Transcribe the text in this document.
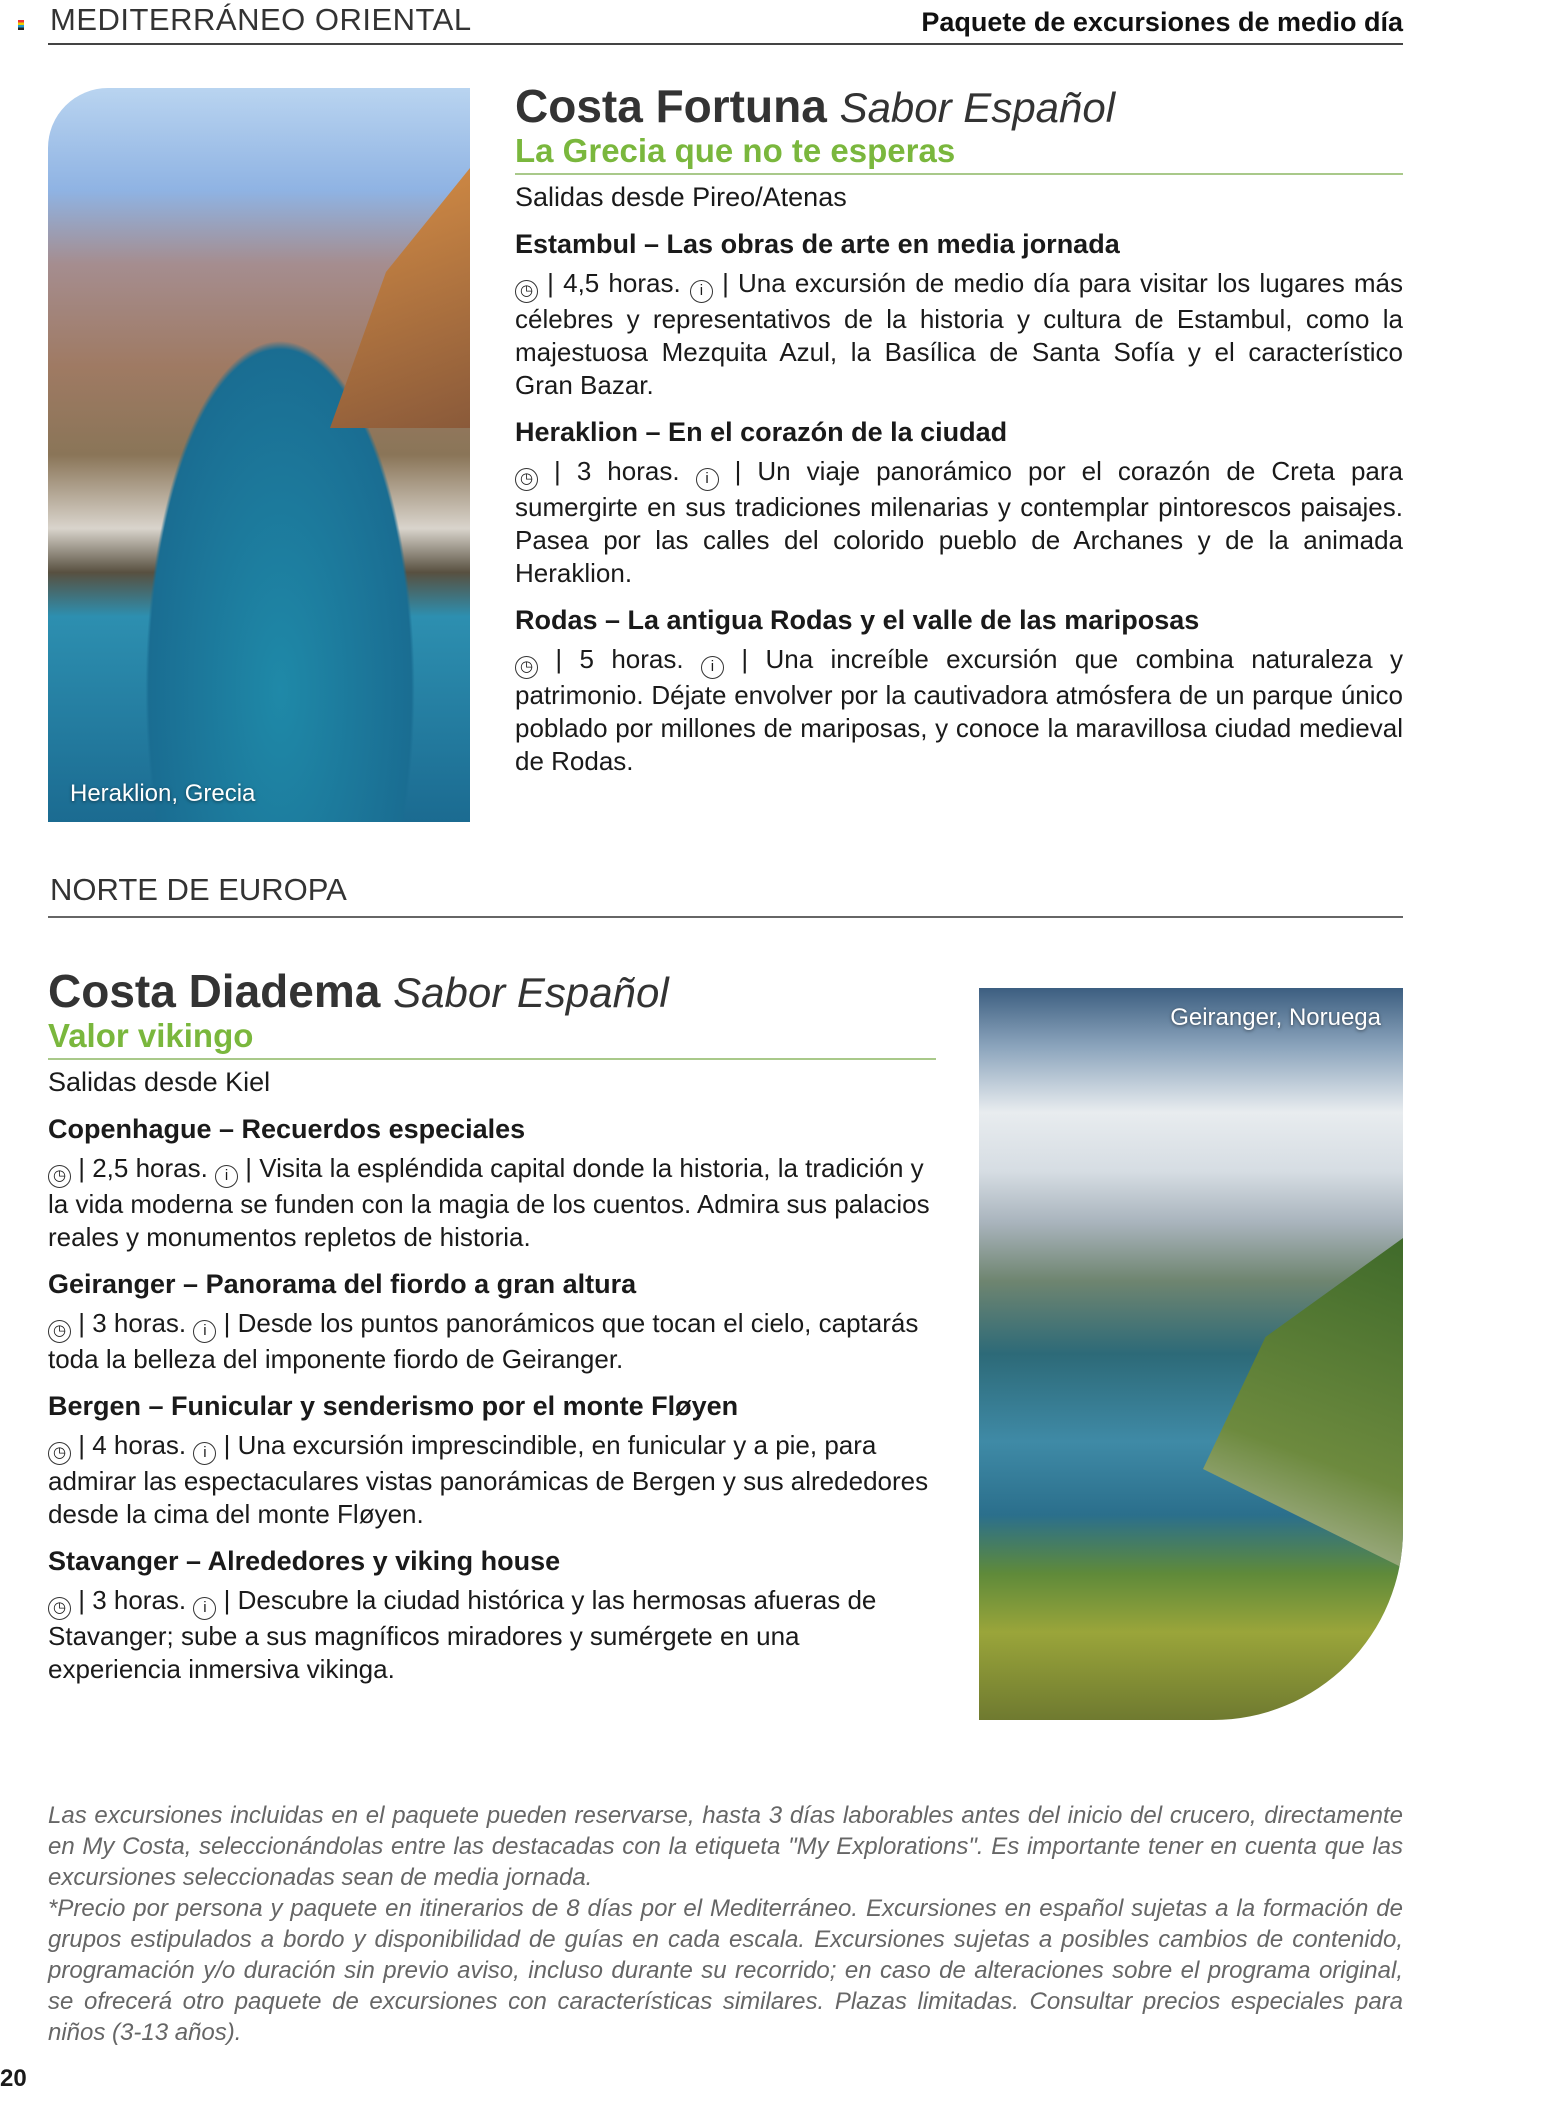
MEDITERRÁNEO ORIENTAL	Paquete de excursiones de medio día
Heraklion, Grecia
Costa Fortuna Sabor Español
La Grecia que no te esperas
Salidas desde Pireo/Atenas
Estambul – Las obras de arte en media jornada

◷ | 4,5 horas. i | Una excursión de medio día para visitar los lugares más célebres y representativos de la historia y cultura de Estambul, como la majestuosa Mezquita Azul, la Basílica de Santa Sofía y el característico Gran Bazar.

Heraklion – En el corazón de la ciudad

◷ | 3 horas. i | Un viaje panorámico por el corazón de Creta para sumergirte en sus tradiciones milenarias y contemplar pintorescos paisajes. Pasea por las calles del colorido pueblo de Archanes y de la animada Heraklion.

Rodas – La antigua Rodas y el valle de las mariposas

◷ | 5 horas. i | Una increíble excursión que combina naturaleza y patrimonio. Déjate envolver por la cautivadora atmósfera de un parque único poblado por millones de mariposas, y conoce la maravillosa ciudad medieval de Rodas.

NORTE DE EUROPA
Costa Diadema Sabor Español
Valor vikingo
Salidas desde Kiel
Copenhague – Recuerdos especiales

◷ | 2,5 horas. i | Visita la espléndida capital donde la historia, la tradición y la vida moderna se funden con la magia de los cuentos. Admira sus palacios reales y monumentos repletos de historia.

Geiranger – Panorama del fiordo a gran altura

◷ | 3 horas. i | Desde los puntos panorámicos que tocan el cielo, captarás toda la belleza del imponente fiordo de Geiranger.

Bergen – Funicular y senderismo por el monte Fløyen

◷ | 4 horas. i | Una excursión imprescindible, en funicular y a pie, para admirar las espectaculares vistas panorámicas de Bergen y sus alrededores desde la cima del monte Fløyen.

Stavanger – Alrededores y viking house

◷ | 3 horas. i | Descubre la ciudad histórica y las hermosas afueras de Stavanger; sube a sus magníficos miradores y sumérgete en una experiencia inmersiva vikinga.

Geiranger, Noruega

Las excursiones incluidas en el paquete pueden reservarse, hasta 3 días laborables antes del inicio del crucero, directamente en My Costa, seleccionándolas entre las destacadas con la etiqueta "My Explorations". Es importante tener en cuenta que las excursiones seleccionadas sean de media jornada.

*Precio por persona y paquete en itinerarios de 8 días por el Mediterráneo. Excursiones en español sujetas a la formación de grupos estipulados a bordo y disponibilidad de guías en cada escala. Excursiones sujetas a posibles cambios de contenido, programación y/o duración sin previo aviso, incluso durante su recorrido; en caso de alteraciones sobre el programa original, se ofrecerá otro paquete de excursiones con características similares. Plazas limitadas. Consultar precios especiales para niños (3-13 años).

20
